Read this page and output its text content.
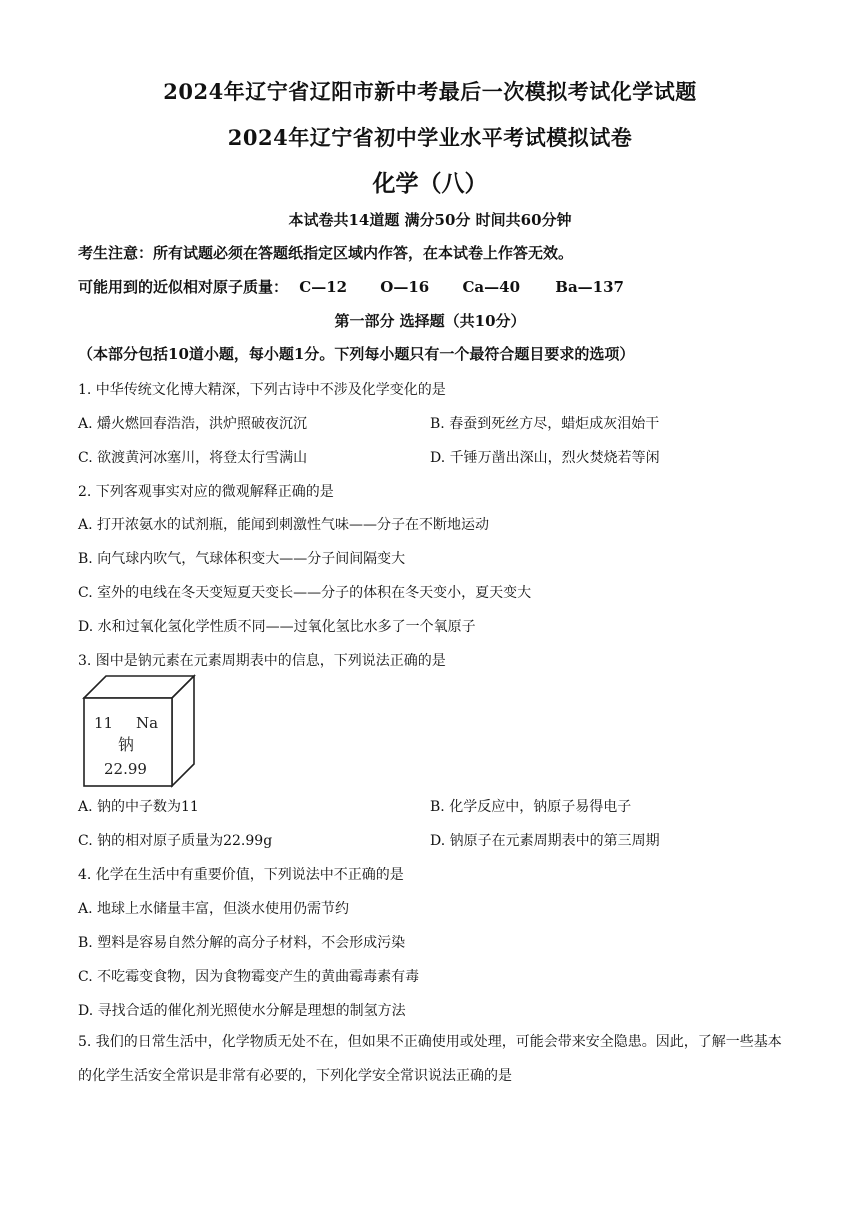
2024年辽宁省辽阳市新中考最后一次模拟考试化学试题
2024年辽宁省初中学业水平考试模拟试卷
化学（八）
本试卷共14道题 满分50分 时间共60分钟
考生注意：所有试题必须在答题纸指定区域内作答，在本试卷上作答无效。
可能用到的近似相对原子质量： C—12 O—16 Ca—40 Ba—137
第一部分 选择题（共10分）
（本部分包括10道小题，每小题1分。下列每小题只有一个最符合题目要求的选项）
1. 中华传统文化博大精深，下列古诗中不涉及化学变化的是
A. 爝火燃回春浩浩，洪炉照破夜沉沉	B. 春蚕到死丝方尽，蜡炬成灰泪始干
C. 欲渡黄河冰塞川，将登太行雪满山	D. 千锤万凿出深山，烈火焚烧若等闲
2. 下列客观事实对应的微观解释正确的是
A. 打开浓氨水的试剂瓶，能闻到刺激性气味——分子在不断地运动
B. 向气球内吹气，气球体积变大——分子间间隔变大
C. 室外的电线在冬天变短夏天变长——分子的体积在冬天变小，夏天变大
D. 水和过氧化氢化学性质不同——过氧化氢比水多了一个氧原子
3. 图中是钠元素在元素周期表中的信息，下列说法正确的是
11 Na
钠
22.99
A. 钠的中子数为11	B. 化学反应中，钠原子易得电子
C. 钠的相对原子质量为22.99g	D. 钠原子在元素周期表中的第三周期
4. 化学在生活中有重要价值，下列说法中不正确的是
A. 地球上水储量丰富，但淡水使用仍需节约
B. 塑料是容易自然分解的高分子材料，不会形成污染
C. 不吃霉变食物，因为食物霉变产生的黄曲霉毒素有毒
D. 寻找合适的催化剂光照使水分解是理想的制氢方法
5. 我们的日常生活中，化学物质无处不在，但如果不正确使用或处理，可能会带来安全隐患。因此，了解一些基本的化学生活安全常识是非常有必要的，下列化学安全常识说法正确的是
